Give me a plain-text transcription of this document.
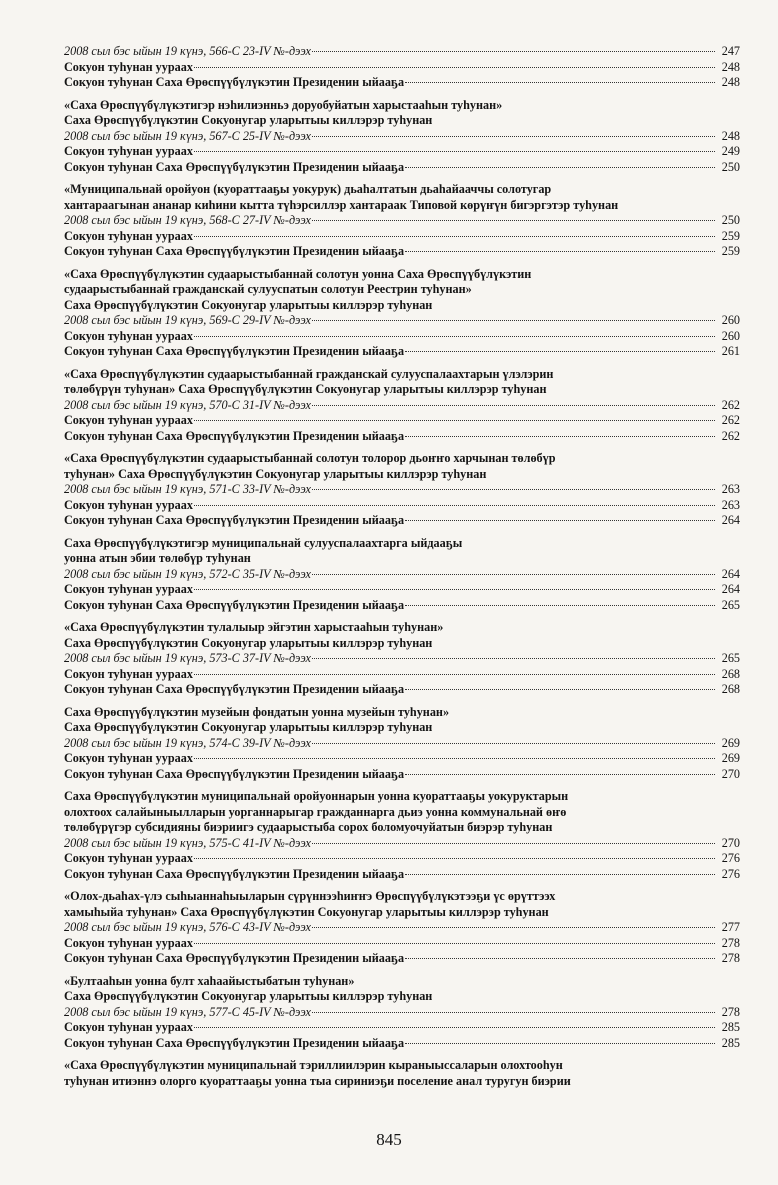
2008 сыл бэс ыйын 19 күнэ, 566-С 23-IV №-дээх	247
Сокуон туһунан уураах	248
Сокуон туһунан Саха Өрөспүүбүлүкэтин Президенин ыйааҕа	248
«Саха Өрөспүүбүлүкэтигэр нэһилиэнньэ доруобуйатын харыстааһын туһунан»
Саха Өрөспүүбүлүкэтин Сокуонугар уларытыы киллэрэр туһунан
2008 сыл бэс ыйын 19 күнэ, 567-С 25-IV №-дээх	248
Сокуон туһунан уураах	249
Сокуон туһунан Саха Өрөспүүбүлүкэтин Президенин ыйааҕа	250
«Муниципальнай оройуон (куораттааҕы уокурук) дьаһалтатын дьаһайааччы солотугар
хантараагынан ананар киһини кытта түһэрсиллэр хантараак Типовой көрүҥүн бигэргэтэр туһунан
2008 сыл бэс ыйын 19 күнэ, 568-С 27-IV №-дээх	250
Сокуон туһунан уураах	259
Сокуон туһунан Саха Өрөспүүбүлүкэтин Президенин ыйааҕа	259
«Саха Өрөспүүбүлүкэтин судаарыстыбаннай солотун уонна Саха Өрөспүүбүлүкэтин
судаарыстыбаннай гражданскай сулууспатын солотун Реестрин туһунан»
Саха Өрөспүүбүлүкэтин Сокуонугар уларытыы киллэрэр туһунан
2008 сыл бэс ыйын 19 күнэ, 569-С 29-IV №-дээх	260
Сокуон туһунан уураах	260
Сокуон туһунан Саха Өрөспүүбүлүкэтин Президенин ыйааҕа	261
«Саха Өрөспүүбүлүкэтин судаарыстыбаннай гражданскай сулууспалаахтарын үлэлэрин
төлөбүрүн туһунан» Саха Өрөспүүбүлүкэтин Сокуонугар уларытыы киллэрэр туһунан
2008 сыл бэс ыйын 19 күнэ, 570-С 31-IV №-дээх	262
Сокуон туһунан уураах	262
Сокуон туһунан Саха Өрөспүүбүлүкэтин Президенин ыйааҕа	262
«Саха Өрөспүүбүлүкэтин судаарыстыбаннай солотун толорор дьоҥҥо харчынан төлөбүр
туһунан» Саха Өрөспүүбүлүкэтин Сокуонугар уларытыы киллэрэр туһунан
2008 сыл бэс ыйын 19 күнэ, 571-С 33-IV №-дээх	263
Сокуон туһунан уураах	263
Сокуон туһунан Саха Өрөспүүбүлүкэтин Президенин ыйааҕа	264
Саха Өрөспүүбүлүкэтигэр муниципальнай сулууспалаахтарга ыйдааҕы
уонна атын эбии төлөбүр туһунан
2008 сыл бэс ыйын 19 күнэ, 572-С 35-IV №-дээх	264
Сокуон туһунан уураах	264
Сокуон туһунан Саха Өрөспүүбүлүкэтин Президенин ыйааҕа	265
«Саха Өрөспүүбүлүкэтин тулалыыр эйгэтин харыстааһын туһунан»
Саха Өрөспүүбүлүкэтин Сокуонугар уларытыы киллэрэр туһунан
2008 сыл бэс ыйын 19 күнэ, 573-С 37-IV №-дээх	265
Сокуон туһунан уураах	268
Сокуон туһунан Саха Өрөспүүбүлүкэтин Президенин ыйааҕа	268
Саха Өрөспүүбүлүкэтин музейын фондатын уонна музейын туһунан»
Саха Өрөспүүбүлүкэтин Сокуонугар уларытыы киллэрэр туһунан
2008 сыл бэс ыйын 19 күнэ, 574-С 39-IV №-дээх	269
Сокуон туһунан уураах	269
Сокуон туһунан Саха Өрөспүүбүлүкэтин Президенин ыйааҕа	270
Саха Өрөспүүбүлүкэтин муниципальнай оройуоннарын уонна куораттааҕы уокуруктарын
олохтоох салайыныылларын уорганнарыгар гражданнарга дьиэ уонна коммунальнай өҥө
төлөбүрүгэр субсидияны биэриигэ судаарыстыба сорох боломуочуйатын биэрэр туһунан
2008 сыл бэс ыйын 19 күнэ, 575-С 41-IV №-дээх	270
Сокуон туһунан уураах	276
Сокуон туһунан Саха Өрөспүүбүлүкэтин Президенин ыйааҕа	276
«Олох-дьаһах-үлэ сыһыаннаһыыларын сүрүннээһиҥҥэ Өрөспүүбүлүкэтээҕи үс өрүттээх
хамыһыйа туһунан» Саха Өрөспүүбүлүкэтин Сокуонугар уларытыы киллэрэр туһунан
2008 сыл бэс ыйын 19 күнэ, 576-С 43-IV №-дээх	277
Сокуон туһунан уураах	278
Сокуон туһунан Саха Өрөспүүбүлүкэтин Президенин ыйааҕа	278
«Бултааһын уонна булт хаһаайыстыбатын туһунан»
Саха Өрөспүүбүлүкэтин Сокуонугар уларытыы киллэрэр туһунан
2008 сыл бэс ыйын 19 күнэ, 577-С 45-IV №-дээх	278
Сокуон туһунан уураах	285
Сокуон туһунан Саха Өрөспүүбүлүкэтин Президенин ыйааҕа	285
«Саха Өрөспүүбүлүкэтин муниципальнай тэриллиилэрин кыраныыссаларын олохтооһун
туһунан итиэннэ олорго куораттааҕы уонна тыа сириниэҕи поселение анал туругун биэрии
845
